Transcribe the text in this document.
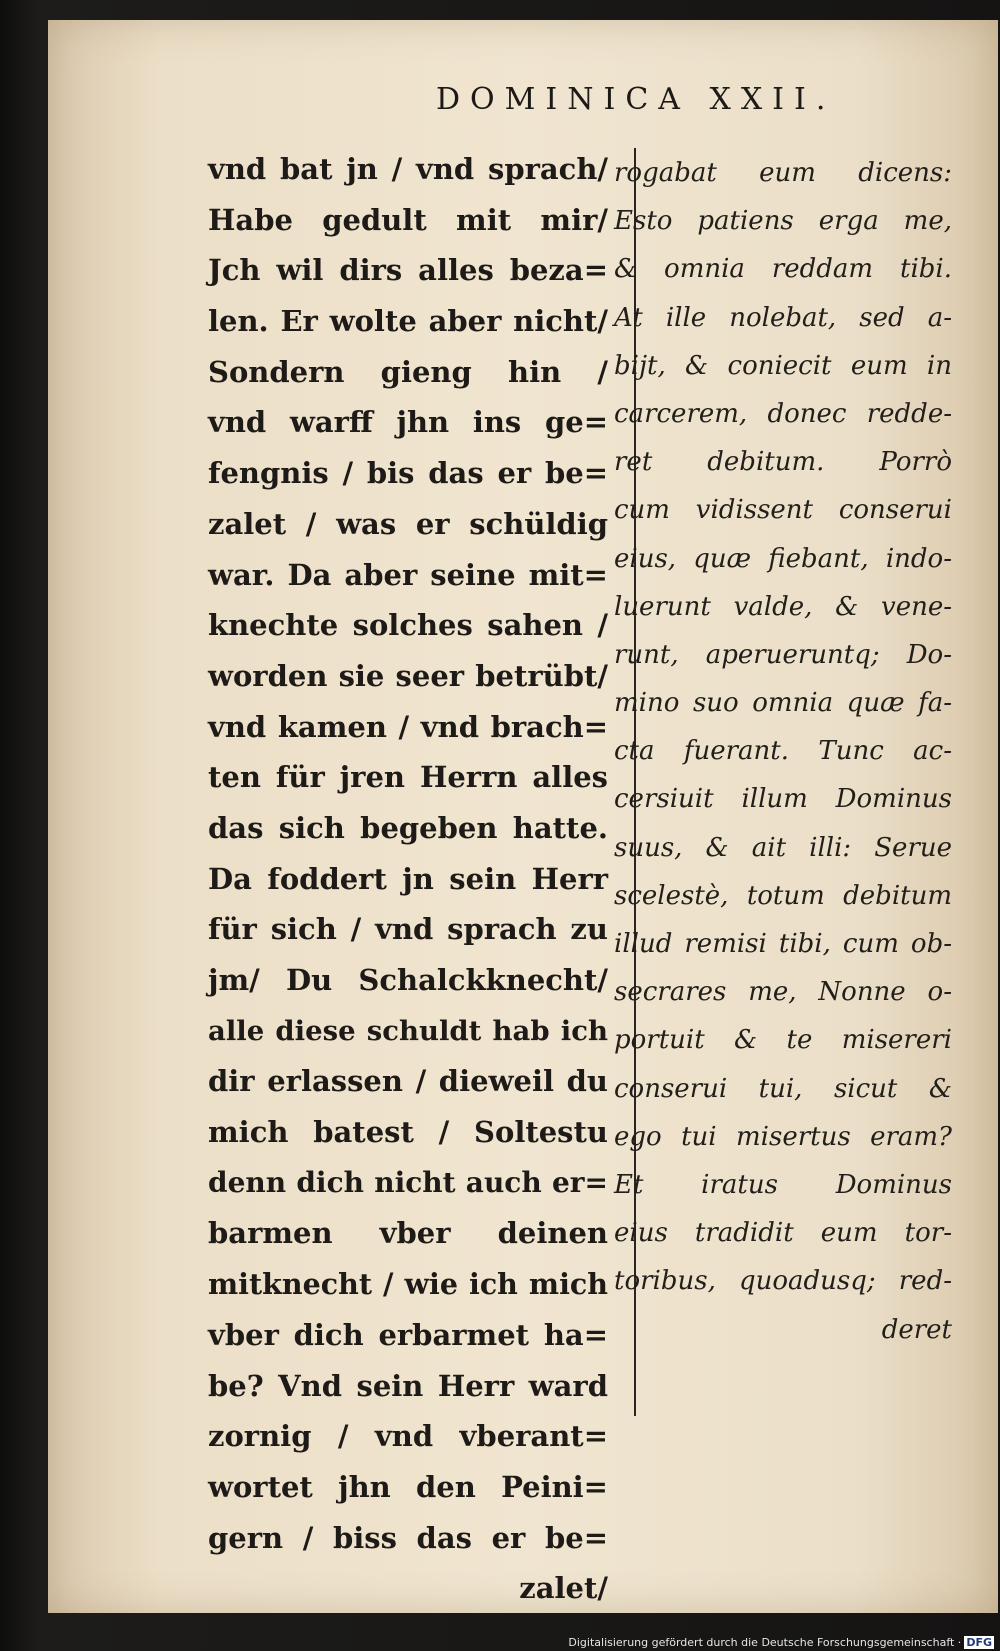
DOMINICA XXII.
vnd bat jn / vnd sprach/
Habe gedult mit mir/
Jch wil dirs alles beza=
len. Er wolte aber nicht/
Sondern gieng hin /
vnd warff jhn ins ge=
fengnis / bis das er be=
zalet / was er schüldig
war. Da aber seine mit=
knechte solches sahen /
worden sie seer betrübt/
vnd kamen / vnd brach=
ten für jren Herrn alles
das sich begeben hatte.
Da foddert jn sein Herr
für sich / vnd sprach zu
jm/ Du Schalckknecht/
alle diese schuldt hab ich
dir erlassen / dieweil du
mich batest / Soltestu
denn dich nicht auch er=
barmen vber deinen
mitknecht / wie ich mich
vber dich erbarmet ha=
be? Vnd sein Herr ward
zornig / vnd vberant=
wortet jhn den Peini=
gern / biss das er be=
zalet/
rogabat eum dicens:
Esto patiens erga me,
& omnia reddam tibi.
At ille nolebat, sed a-
bijt, & coniecit eum in
carcerem, donec redde-
ret debitum. Porrò
cum vidissent conserui
eius, quæ fiebant, indo-
luerunt valde, & vene-
runt, aperueruntq; Do-
mino suo omnia quæ fa-
cta fuerant. Tunc ac-
cersiuit illum Dominus
suus, & ait illi: Serue
scelestè, totum debitum
illud remisi tibi, cum ob-
secrares me, Nonne o-
portuit & te misereri
conserui tui, sicut &
ego tui misertus eram?
Et iratus Dominus
eius tradidit eum tor-
toribus, quoadusq; red-
deret
Digitalisierung gefördert durch die Deutsche Forschungsgemeinschaft · DFG
